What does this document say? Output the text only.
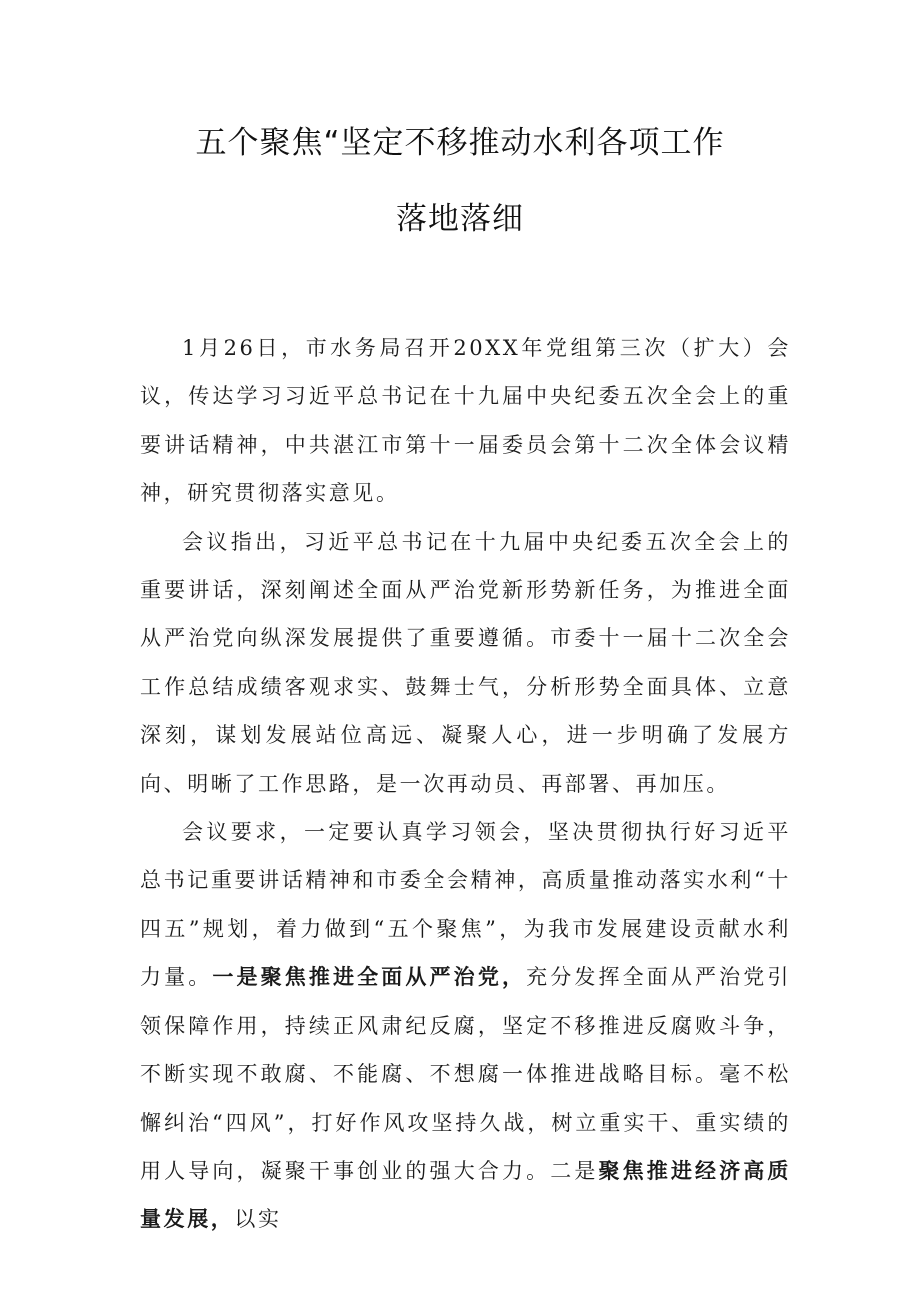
五个聚焦“坚定不移推动水利各项工作
落地落细

1月26日，市水务局召开20XX年党组第三次（扩大）会议，传达学习习近平总书记在十九届中央纪委五次全会上的重要讲话精神，中共湛江市第十一届委员会第十二次全体会议精神，研究贯彻落实意见。

会议指出，习近平总书记在十九届中央纪委五次全会上的重要讲话，深刻阐述全面从严治党新形势新任务，为推进全面从严治党向纵深发展提供了重要遵循。市委十一届十二次全会工作总结成绩客观求实、鼓舞士气，分析形势全面具体、立意深刻，谋划发展站位高远、凝聚人心，进一步明确了发展方向、明晰了工作思路，是一次再动员、再部署、再加压。

会议要求，一定要认真学习领会，坚决贯彻执行好习近平总书记重要讲话精神和市委全会精神，高质量推动落实水利“十四五”规划，着力做到“五个聚焦”，为我市发展建设贡献水利力量。一是聚焦推进全面从严治党，充分发挥全面从严治党引领保障作用，持续正风肃纪反腐，坚定不移推进反腐败斗争，不断实现不敢腐、不能腐、不想腐一体推进战略目标。毫不松懈纠治“四风”，打好作风攻坚持久战，树立重实干、重实绩的用人导向，凝聚干事创业的强大合力。二是聚焦推进经济高质量发展，以实
